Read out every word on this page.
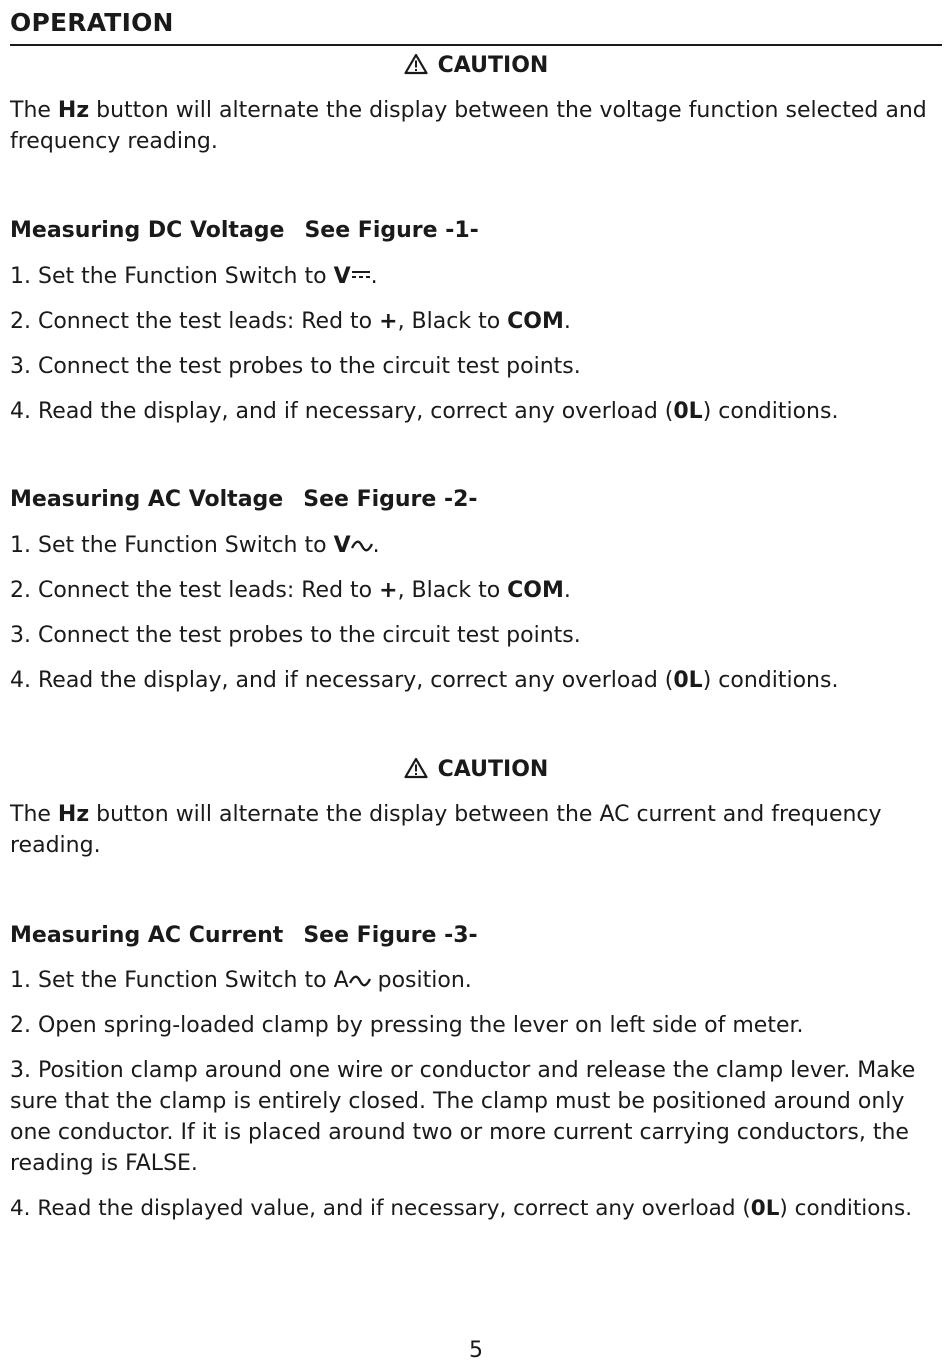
OPERATION
CAUTION
The Hz button will alternate the display between the voltage function selected and frequency reading.
Measuring DC Voltage See Figure -1-
1. Set the Function Switch to V .
2. Connect the test leads: Red to +, Black to COM.
3. Connect the test probes to the circuit test points.
4. Read the display, and if necessary, correct any overload (0L) conditions.
Measuring AC Voltage See Figure -2-
1. Set the Function Switch to V .
2. Connect the test leads: Red to +, Black to COM.
3. Connect the test probes to the circuit test points.
4. Read the display, and if necessary, correct any overload (0L) conditions.
CAUTION
The Hz button will alternate the display between the AC current and frequency reading.
Measuring AC Current See Figure -3-
1. Set the Function Switch to A position.
2. Open spring-loaded clamp by pressing the lever on left side of meter.
3. Position clamp around one wire or conductor and release the clamp lever. Make sure that the clamp is entirely closed. The clamp must be positioned around only one conductor. If it is placed around two or more current carrying conductors, the reading is FALSE.
4. Read the displayed value, and if necessary, correct any overload (0L) conditions.
5
